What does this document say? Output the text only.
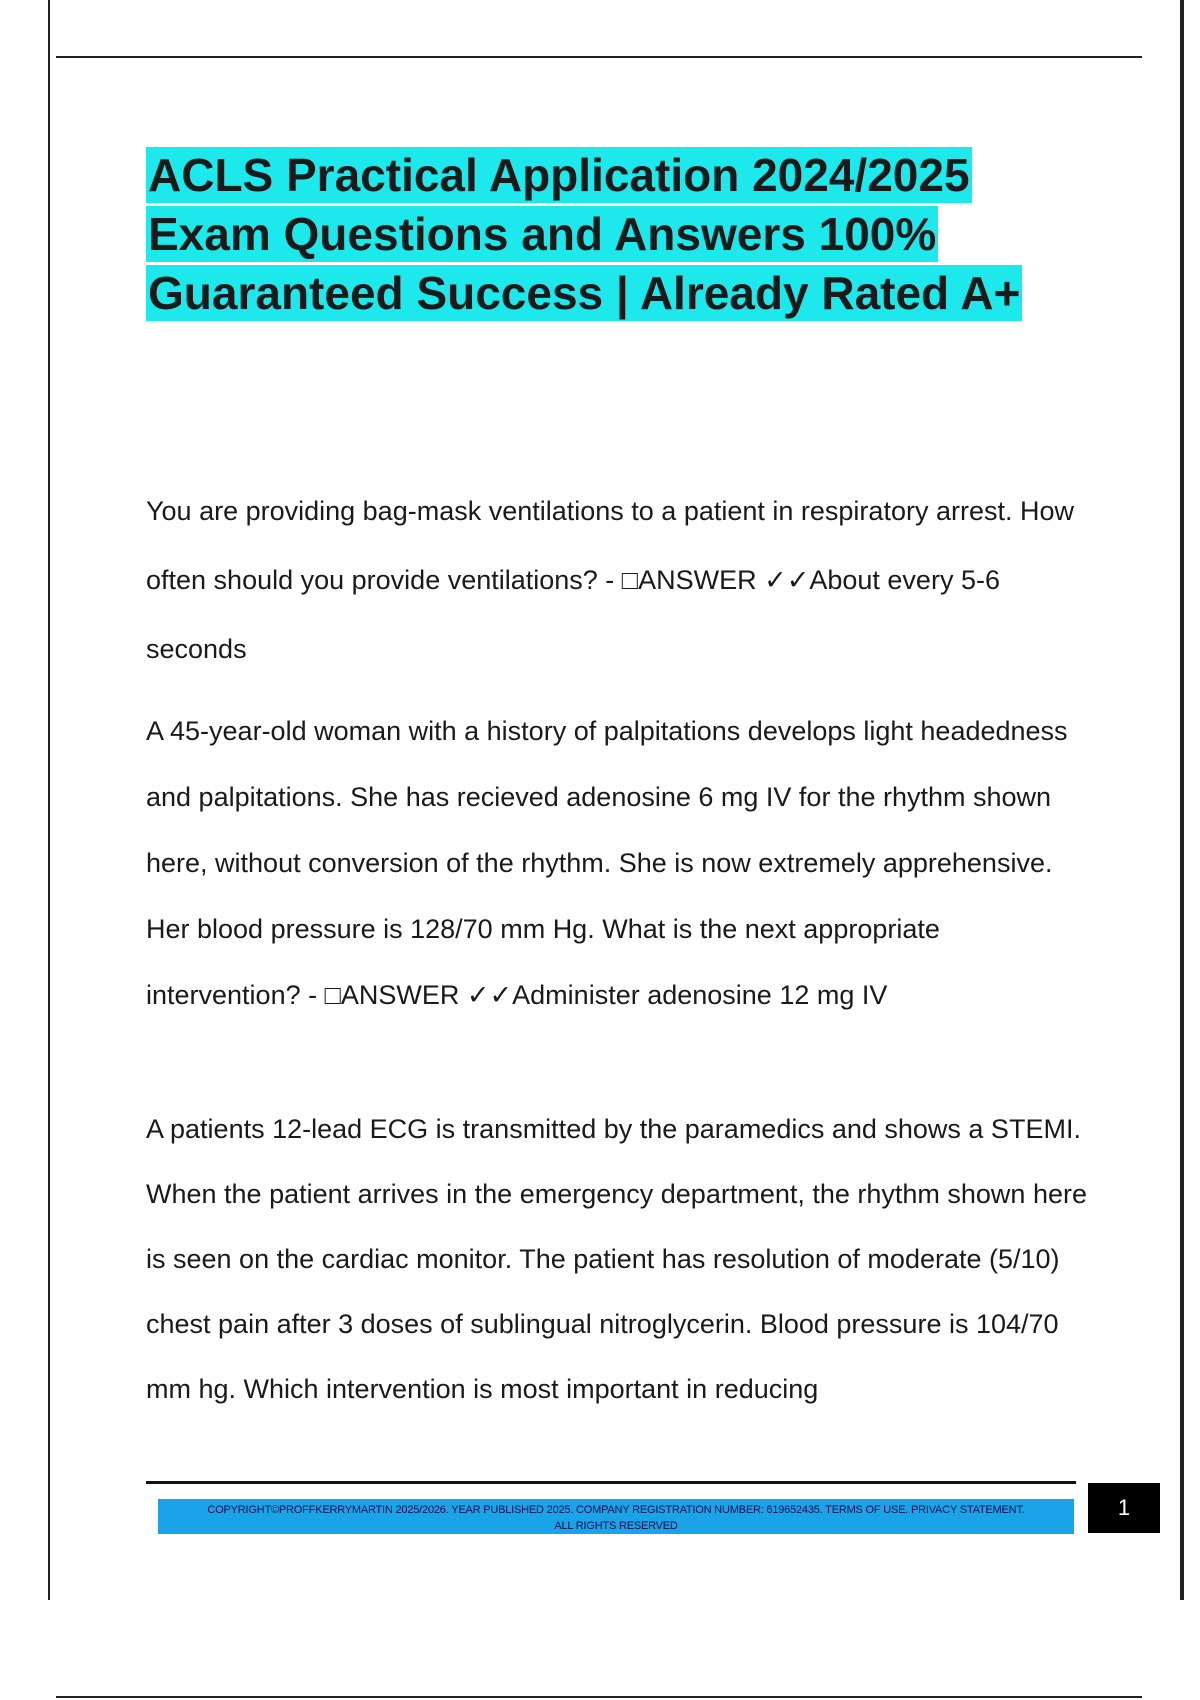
ACLS Practical Application 2024/2025
Exam Questions and Answers 100%
Guaranteed Success | Already Rated A+

You are providing bag-mask ventilations to a patient in respiratory arrest. How often should you provide ventilations? - □ANSWER ✓✓About every 5-6 seconds

A 45-year-old woman with a history of palpitations develops light headedness and palpitations. She has recieved adenosine 6 mg IV for the rhythm shown here, without conversion of the rhythm. She is now extremely apprehensive. Her blood pressure is 128/70 mm Hg. What is the next appropriate intervention? - □ANSWER ✓✓Administer adenosine 12 mg IV

A patients 12-lead ECG is transmitted by the paramedics and shows a STEMI. When the patient arrives in the emergency department, the rhythm shown here is seen on the cardiac monitor. The patient has resolution of moderate (5/10) chest pain after 3 doses of sublingual nitroglycerin. Blood pressure is 104/70 mm hg. Which intervention is most important in reducing

COPYRIGHT©PROFFKERRYMARTIN 2025/2026. YEAR PUBLISHED 2025. COMPANY REGISTRATION NUMBER: 619652435. TERMS OF USE. PRIVACY STATEMENT.
ALL RIGHTS RESERVED
1
